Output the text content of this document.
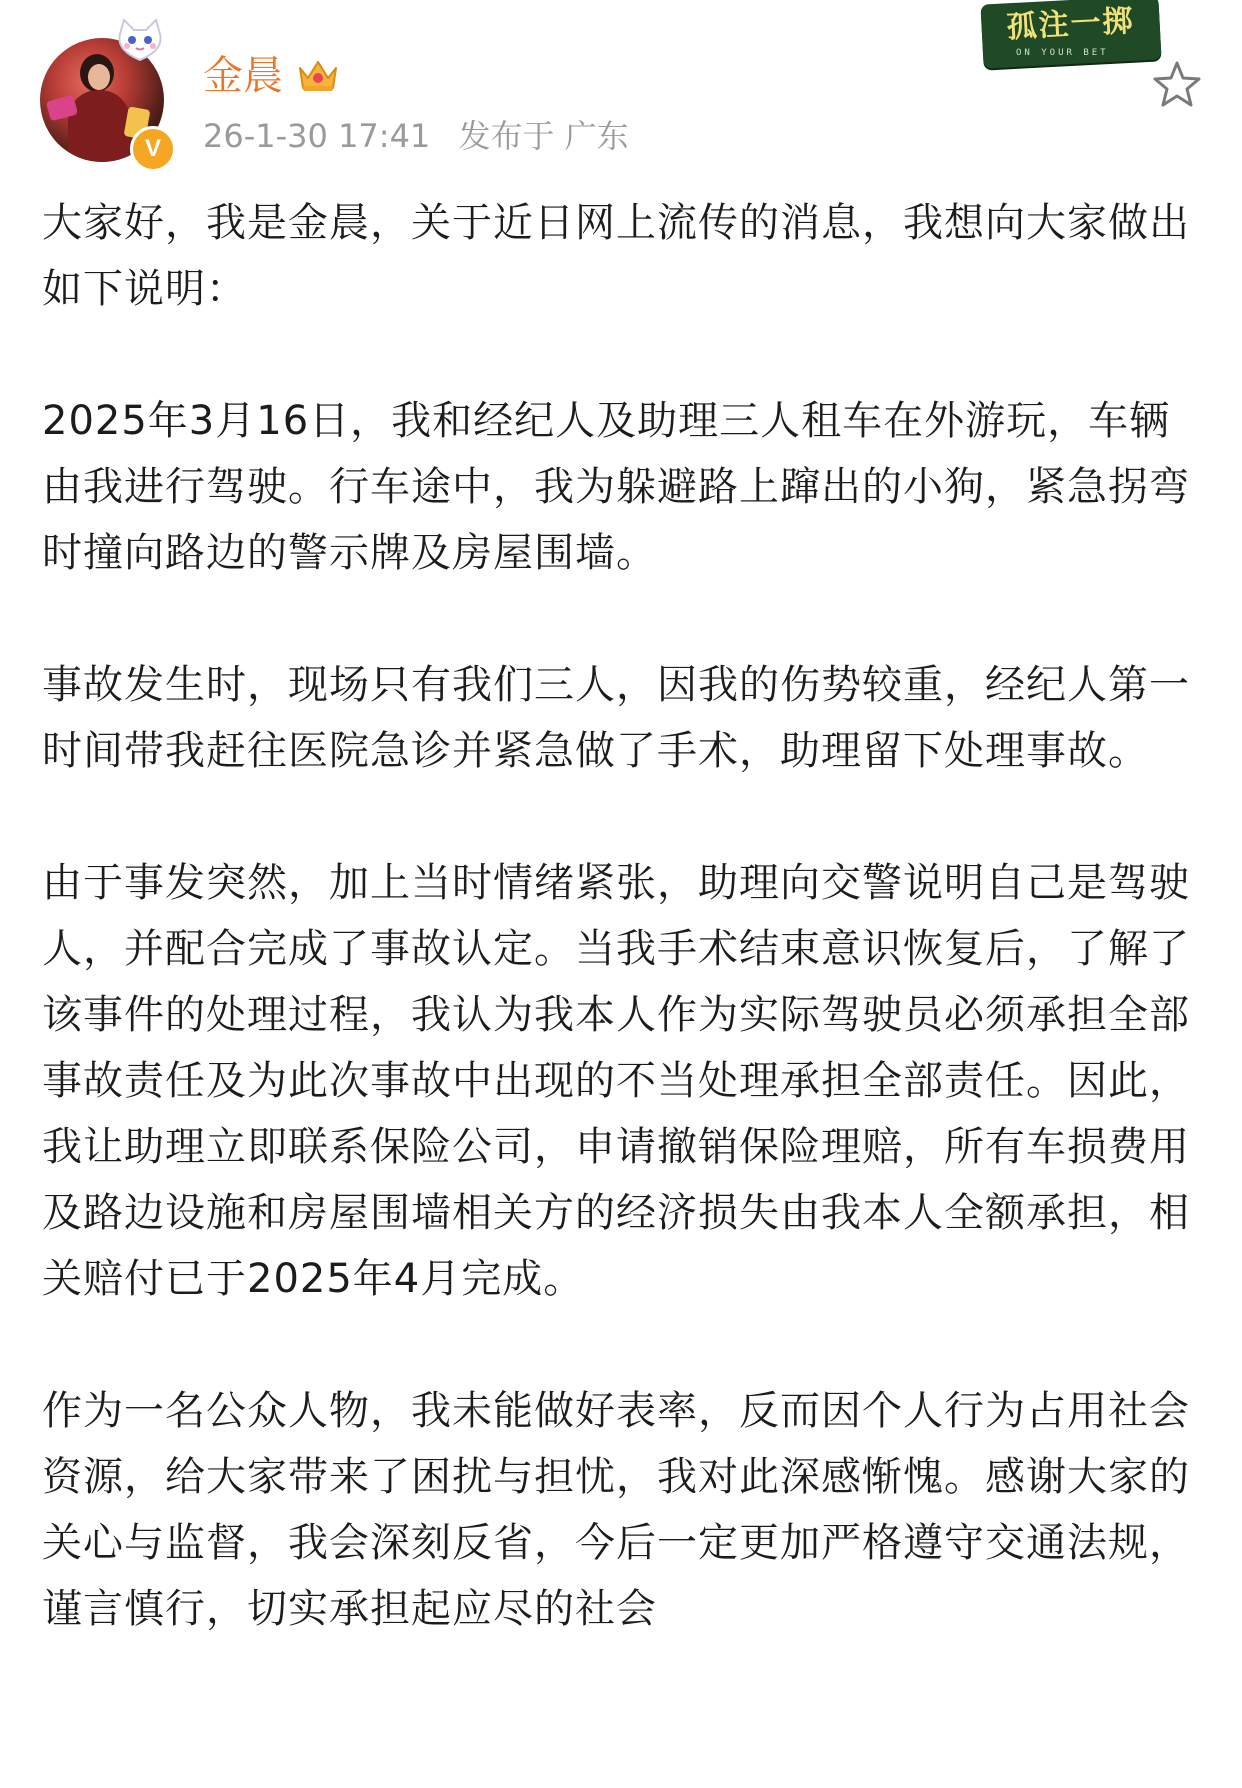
V
金晨
26-1-30 17:41 发布于 广东
孤注一掷
ON YOUR BET

大家好，我是金晨，关于近日网上流传的消息，我想向大家做出如下说明：

2025年3月16日，我和经纪人及助理三人租车在外游玩，车辆由我进行驾驶。行车途中，我为躲避路上蹿出的小狗，紧急拐弯时撞向路边的警示牌及房屋围墙。

事故发生时，现场只有我们三人，因我的伤势较重，经纪人第一时间带我赶往医院急诊并紧急做了手术，助理留下处理事故。

由于事发突然，加上当时情绪紧张，助理向交警说明自己是驾驶人，并配合完成了事故认定。当我手术结束意识恢复后，了解了该事件的处理过程，我认为我本人作为实际驾驶员必须承担全部事故责任及为此次事故中出现的不当处理承担全部责任。因此，我让助理立即联系保险公司，申请撤销保险理赔，所有车损费用及路边设施和房屋围墙相关方的经济损失由我本人全额承担，相关赔付已于2025年4月完成。

作为一名公众人物，我未能做好表率，反而因个人行为占用社会资源，给大家带来了困扰与担忧，我对此深感惭愧。感谢大家的关心与监督，我会深刻反省，今后一定更加严格遵守交通法规，谨言慎行，切实承担起应尽的社会
